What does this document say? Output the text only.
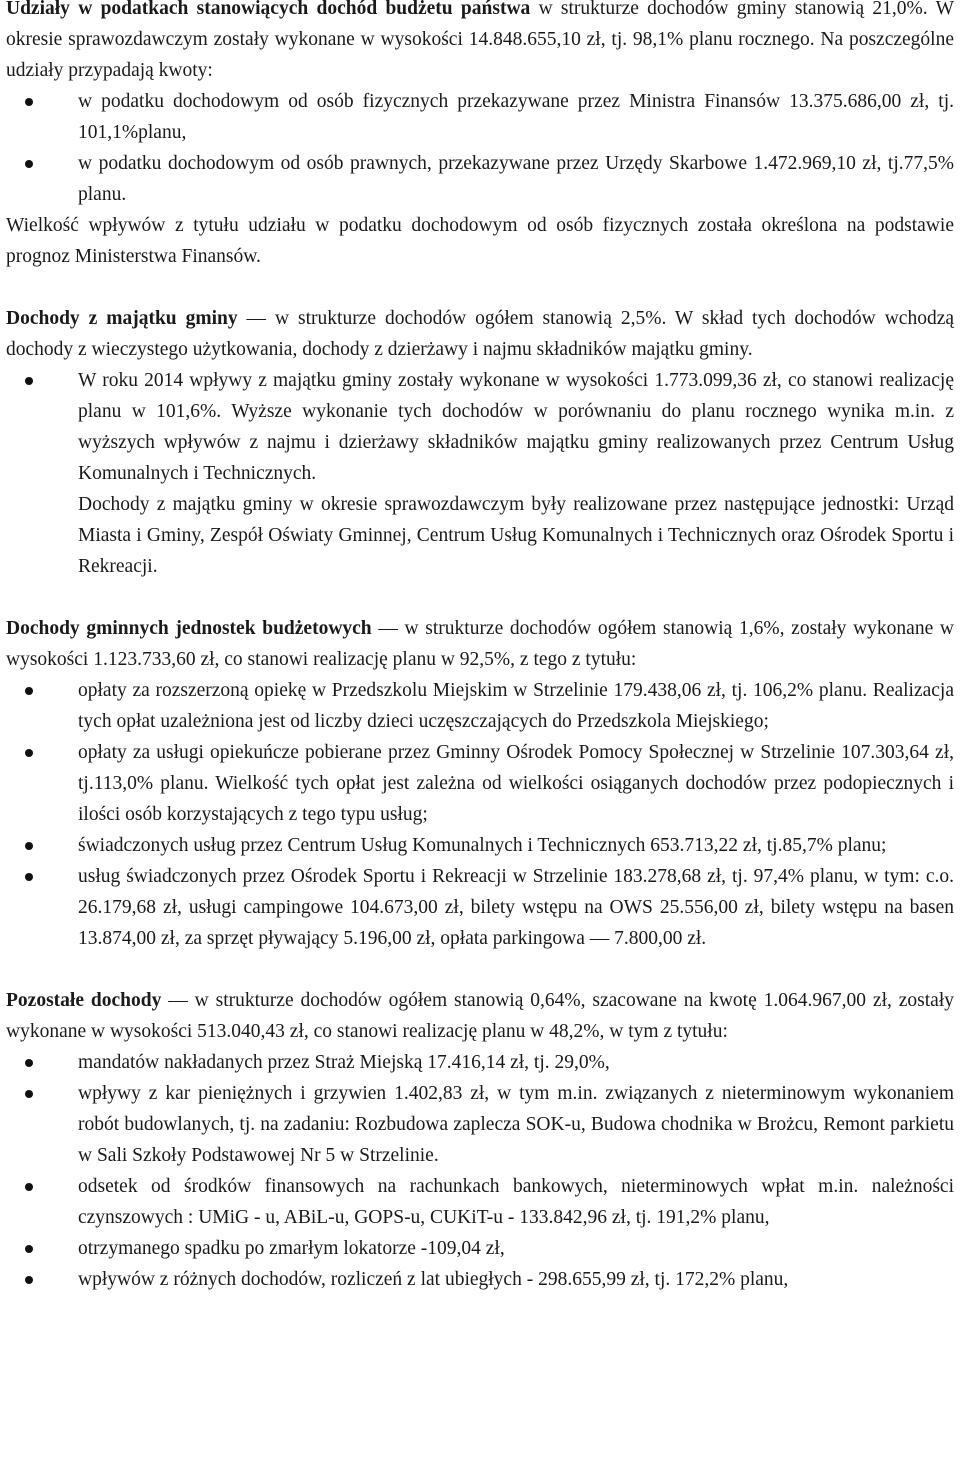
Udziały w podatkach stanowiących dochód budżetu państwa w strukturze dochodów gminy stanowią 21,0%. W okresie sprawozdawczym zostały wykonane w wysokości 14.848.655,10 zł, tj. 98,1% planu rocznego. Na poszczególne udziały przypadają kwoty:

w podatku dochodowym od osób fizycznych przekazywane przez Ministra Finansów 13.375.686,00 zł, tj. 101,1%planu,
w podatku dochodowym od osób prawnych, przekazywane przez Urzędy Skarbowe 1.472.969,10 zł, tj.77,5% planu.

Wielkość wpływów z tytułu udziału w podatku dochodowym od osób fizycznych została określona na podstawie prognoz Ministerstwa Finansów.

Dochody z majątku gminy — w strukturze dochodów ogółem stanowią 2,5%. W skład tych dochodów wchodzą dochody z wieczystego użytkowania, dochody z dzierżawy i najmu składników majątku gminy.

W roku 2014 wpływy z majątku gminy zostały wykonane w wysokości 1.773.099,36 zł, co stanowi realizację planu w 101,6%. Wyższe wykonanie tych dochodów w porównaniu do planu rocznego wynika m.in. z wyższych wpływów z najmu i dzierżawy składników majątku gminy realizowanych przez Centrum Usług Komunalnych i Technicznych.

Dochody z majątku gminy w okresie sprawozdawczym były realizowane przez następujące jednostki: Urząd Miasta i Gminy, Zespół Oświaty Gminnej, Centrum Usług Komunalnych i Technicznych oraz Ośrodek Sportu i Rekreacji.

Dochody gminnych jednostek budżetowych — w strukturze dochodów ogółem stanowią 1,6%, zostały wykonane w wysokości 1.123.733,60 zł, co stanowi realizację planu w 92,5%, z tego z tytułu:

opłaty za rozszerzoną opiekę w Przedszkolu Miejskim w Strzelinie 179.438,06 zł, tj. 106,2% planu. Realizacja tych opłat uzależniona jest od liczby dzieci uczęszczających do Przedszkola Miejskiego;
opłaty za usługi opiekuńcze pobierane przez Gminny Ośrodek Pomocy Społecznej w Strzelinie 107.303,64 zł, tj.113,0% planu. Wielkość tych opłat jest zależna od wielkości osiąganych dochodów przez podopiecznych i ilości osób korzystających z tego typu usług;
świadczonych usług przez Centrum Usług Komunalnych i Technicznych 653.713,22 zł, tj.85,7% planu;
usług świadczonych przez Ośrodek Sportu i Rekreacji w Strzelinie 183.278,68 zł, tj. 97,4% planu, w tym: c.o. 26.179,68 zł, usługi campingowe 104.673,00 zł, bilety wstępu na OWS 25.556,00 zł, bilety wstępu na basen 13.874,00 zł, za sprzęt pływający 5.196,00 zł, opłata parkingowa — 7.800,00 zł.

Pozostałe dochody — w strukturze dochodów ogółem stanowią 0,64%, szacowane na kwotę 1.064.967,00 zł, zostały wykonane w wysokości 513.040,43 zł, co stanowi realizację planu w 48,2%, w tym z tytułu:

mandatów nakładanych przez Straż Miejską 17.416,14 zł, tj. 29,0%,
wpływy z kar pieniężnych i grzywien 1.402,83 zł, w tym m.in. związanych z nieterminowym wykonaniem robót budowlanych, tj. na zadaniu: Rozbudowa zaplecza SOK-u, Budowa chodnika w Brożcu, Remont parkietu w Sali Szkoły Podstawowej Nr 5 w Strzelinie.
odsetek od środków finansowych na rachunkach bankowych, nieterminowych wpłat m.in. należności czynszowych : UMiG - u, ABiL-u, GOPS-u, CUKiT-u - 133.842,96 zł, tj. 191,2% planu,
otrzymanego spadku po zmarłym lokatorze -109,04 zł,
wpływów z różnych dochodów, rozliczeń z lat ubiegłych - 298.655,99 zł, tj. 172,2% planu,
